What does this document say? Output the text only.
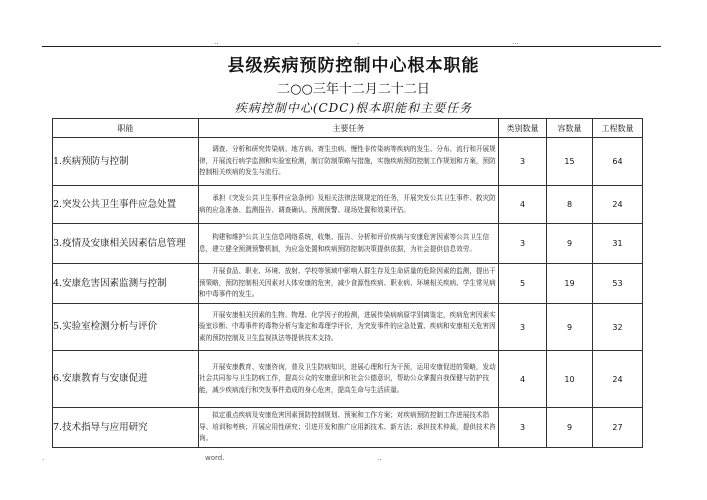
..	.	...
县级疾病预防控制中心根本职能
二○○三年十二月二十二日
疾病控制中心(CDC)根本职能和主要任务
职能	主要任务	类别数量	容数量	工程数量
1.疾病预防与控制	调查、分析和研究传染病、地方病、寄生虫病、慢性非传染病等疾病的发生、分布、流行和开展规律，开展流行病学监测和实验室检测，制订防制策略与措施，实施疾病预防控制工作规划和方案，预防控制相关疾病的发生与流行。	3	15	64
2.突发公共卫生事件应急处置	承担《突发公共卫生事件应急条例》及相关法律法规规定的任务，开展突发公共卫生事件、救灾防病的应急准备、监测报告、调查确认、预测预警、现场处置和效果评估。	4	8	24
3.疫情及安康相关因素信息管理	构建和维护公共卫生信息网络系统，收集、报告、分析和评价疾病与安康危害因素等公共卫生信息，建立健全预测预警机制，为应急处置和疾病预防控制决策提供依据，为社会提供信息效劳。	3	9	31
4.安康危害因素监测与控制	开展食品、职业、环境、放射、学校等领域中影响人群生存及生命质量的危险因素的监测，提出干预策略，预防控制相关因素对人体安康的危害，减少食源性疾病、职业病、环境相关疾病、学生常见病和中毒事件的发生。	5	19	53
5.实验室检测分析与评价	开展安康相关因素的生物、物理、化学因子的检测，进展传染病病原学别离鉴定，疾病危害因素实验室诊断、中毒事件的毒物分析与鉴定和毒理学评价，为突发事件的应急处置、疾病和安康相关危害因素的预防控制及卫生监视执法等提供技术支持。	3	9	32
6.安康教育与安康促进	开展安康教育、安康咨询，普及卫生防病知识，进展心理和行为干预，运用安康促进的策略，发动社会共同参与卫生防病工作，提高公众的安康意识和社会公德意识，帮助公众掌握自我保健与防护技能，减少疾病流行和突发事件造成的身心危害，提高生命与生活质量。	4	10	24
7.技术指导与应用研究	拟定重点疾病及安康危害因素预防控制规划、预案和工作方案；对疾病预防控制工作进展技术指导、培训和考核；开展应用性研究；引进开发和推广应用新技术、新方法；承担技术仲裁，提供技术咨询。	3	9	27
.	word.	..
